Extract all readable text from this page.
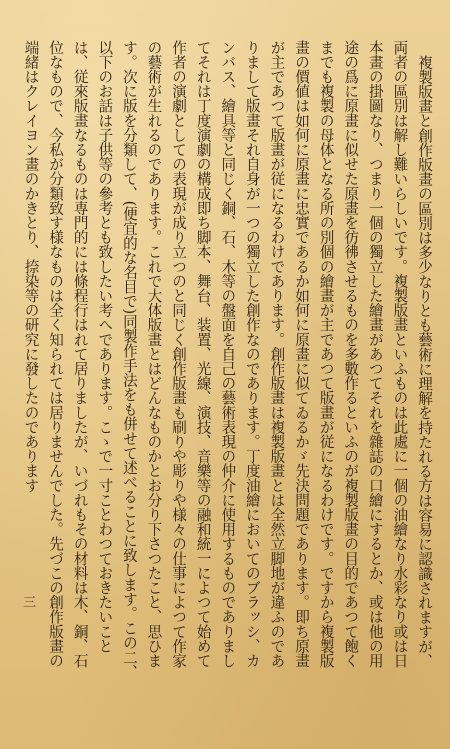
複製版畫と創作版畫の區別は多少なりとも藝術に理解を持たれる方は容易に認識されますが、両者の區別は解し難いらしいです。複製版畫といふものは此處に一個の油繪なり水彩なり或は日本畫の掛圖なり、つまり一個の獨立した繪畫があつてそれを雜誌の口繪にするとか、或は他の用途の爲に原畫に似せた原畫を彷彿させるものを多數作るといふのが複製版畫の目的であつて飽くまでも複製の母体となる所の別個の繪畫が主であつて版畫が従になるわけです。ですから複製版畫の價値は如何に原畫に忠實であるか如何に原畫に似てゐるかゞ先決問題であります。即ち原畫が主であつて版畫が従になるわけであります。創作版畫は複製版畫とは全然立脚地が違ふのでありまして版畫それ自身が一つの獨立した創作なのであります。丁度油繪においてのブラッシ、カンバス、繪具等と同じく銅、石、木等の盤面を自己の藝術表現の仲介に使用するものでありましてそれは丁度演劇の構成即ち脚本、舞台、装置、光線、演技、音樂等の融和統一によつて始めて作者の演劇としての表現が成り立つのと同じく創作版畫も刷りや彫りや様々の仕事によつて作家の藝術が生れるのであります。これで大体版畫とはどんなものかとお分り下さつたこと、思ひます。次に版を分類して、(便宜的な名目で)同製作手法をも併せて述べることに致します。この二、以下のお話は子供等の參考とも致したい考へであります。こゝで一寸ことわつておきたいことは、従來版畫なるものは専門的には條程行はれて居りましたが、いづれもその材料は木、銅、石位なもので、今私が分類致す様なものは全く知られては居りませんでした。先づこの創作版畫の端緒はクレイヨン畫のかきとり、捺染等の研究に發したのであります

三
